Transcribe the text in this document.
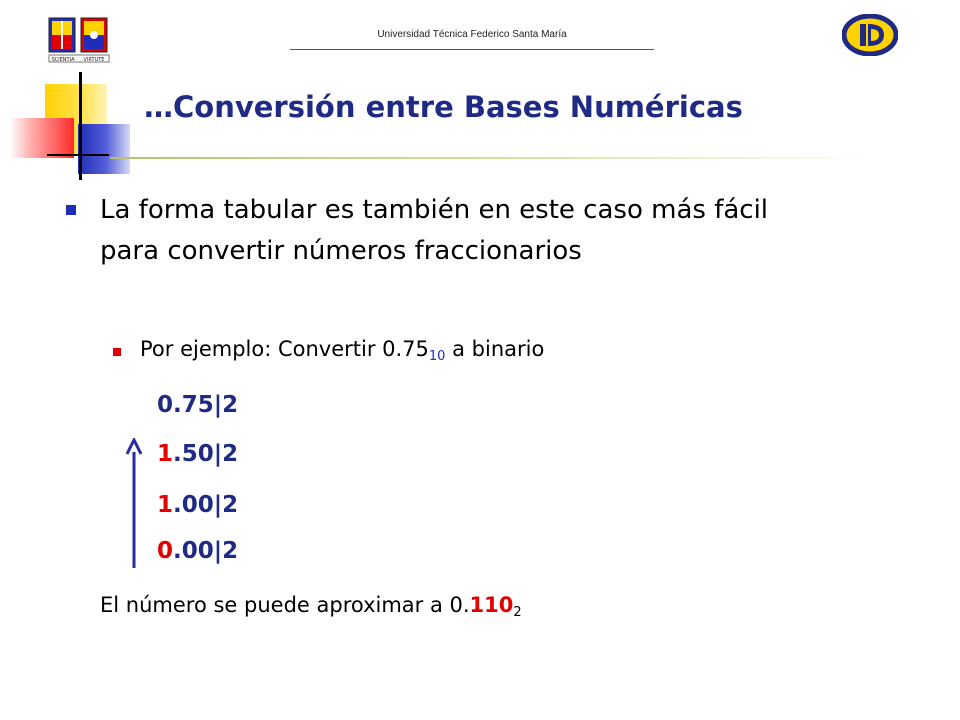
SCIENTIA VIRTUTE
Universidad Técnica Federico Santa María
…Conversión entre Bases Numéricas
La forma tabular es también en este caso más fácil para convertir números fraccionarios
Por ejemplo: Convertir $0.75_{10}$ a binario
0.75|2
1.50|2
1.00|2
0.00|2
El número se puede aproximar a $0.110_2$
